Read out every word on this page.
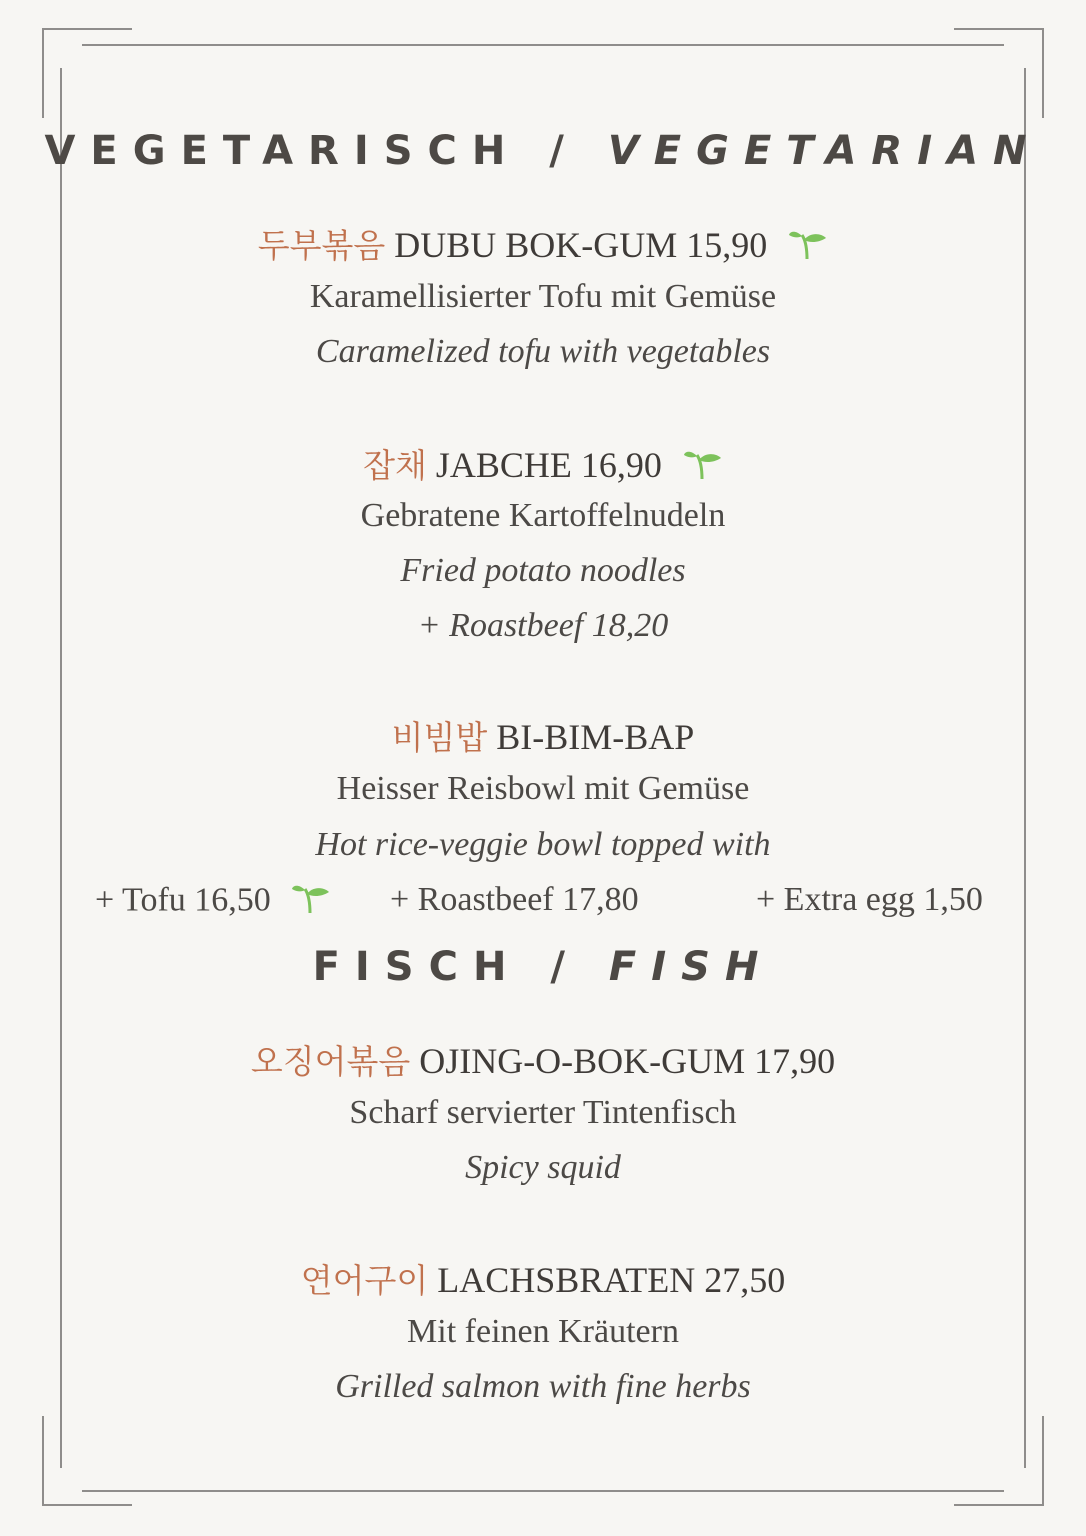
VEGETARISCH / VEGETARIAN
두부볶음 DUBU BOK-GUM 15,90
Karamellisierter Tofu mit Gemüse
Caramelized tofu with vegetables
잡채 JABCHE 16,90
Gebratene Kartoffelnudeln
Fried potato noodles
+ Roastbeef 18,20
비빔밥 BI-BIM-BAP
Heisser Reisbowl mit Gemüse
Hot rice-veggie bowl topped with
+ Tofu 16,50	+ Roastbeef 17,80	+ Extra egg 1,50
FISCH / FISH
오징어볶음 OJING-O-BOK-GUM 17,90
Scharf servierter Tintenfisch
Spicy squid
연어구이 LACHSBRATEN 27,50
Mit feinen Kräutern
Grilled salmon with fine herbs
